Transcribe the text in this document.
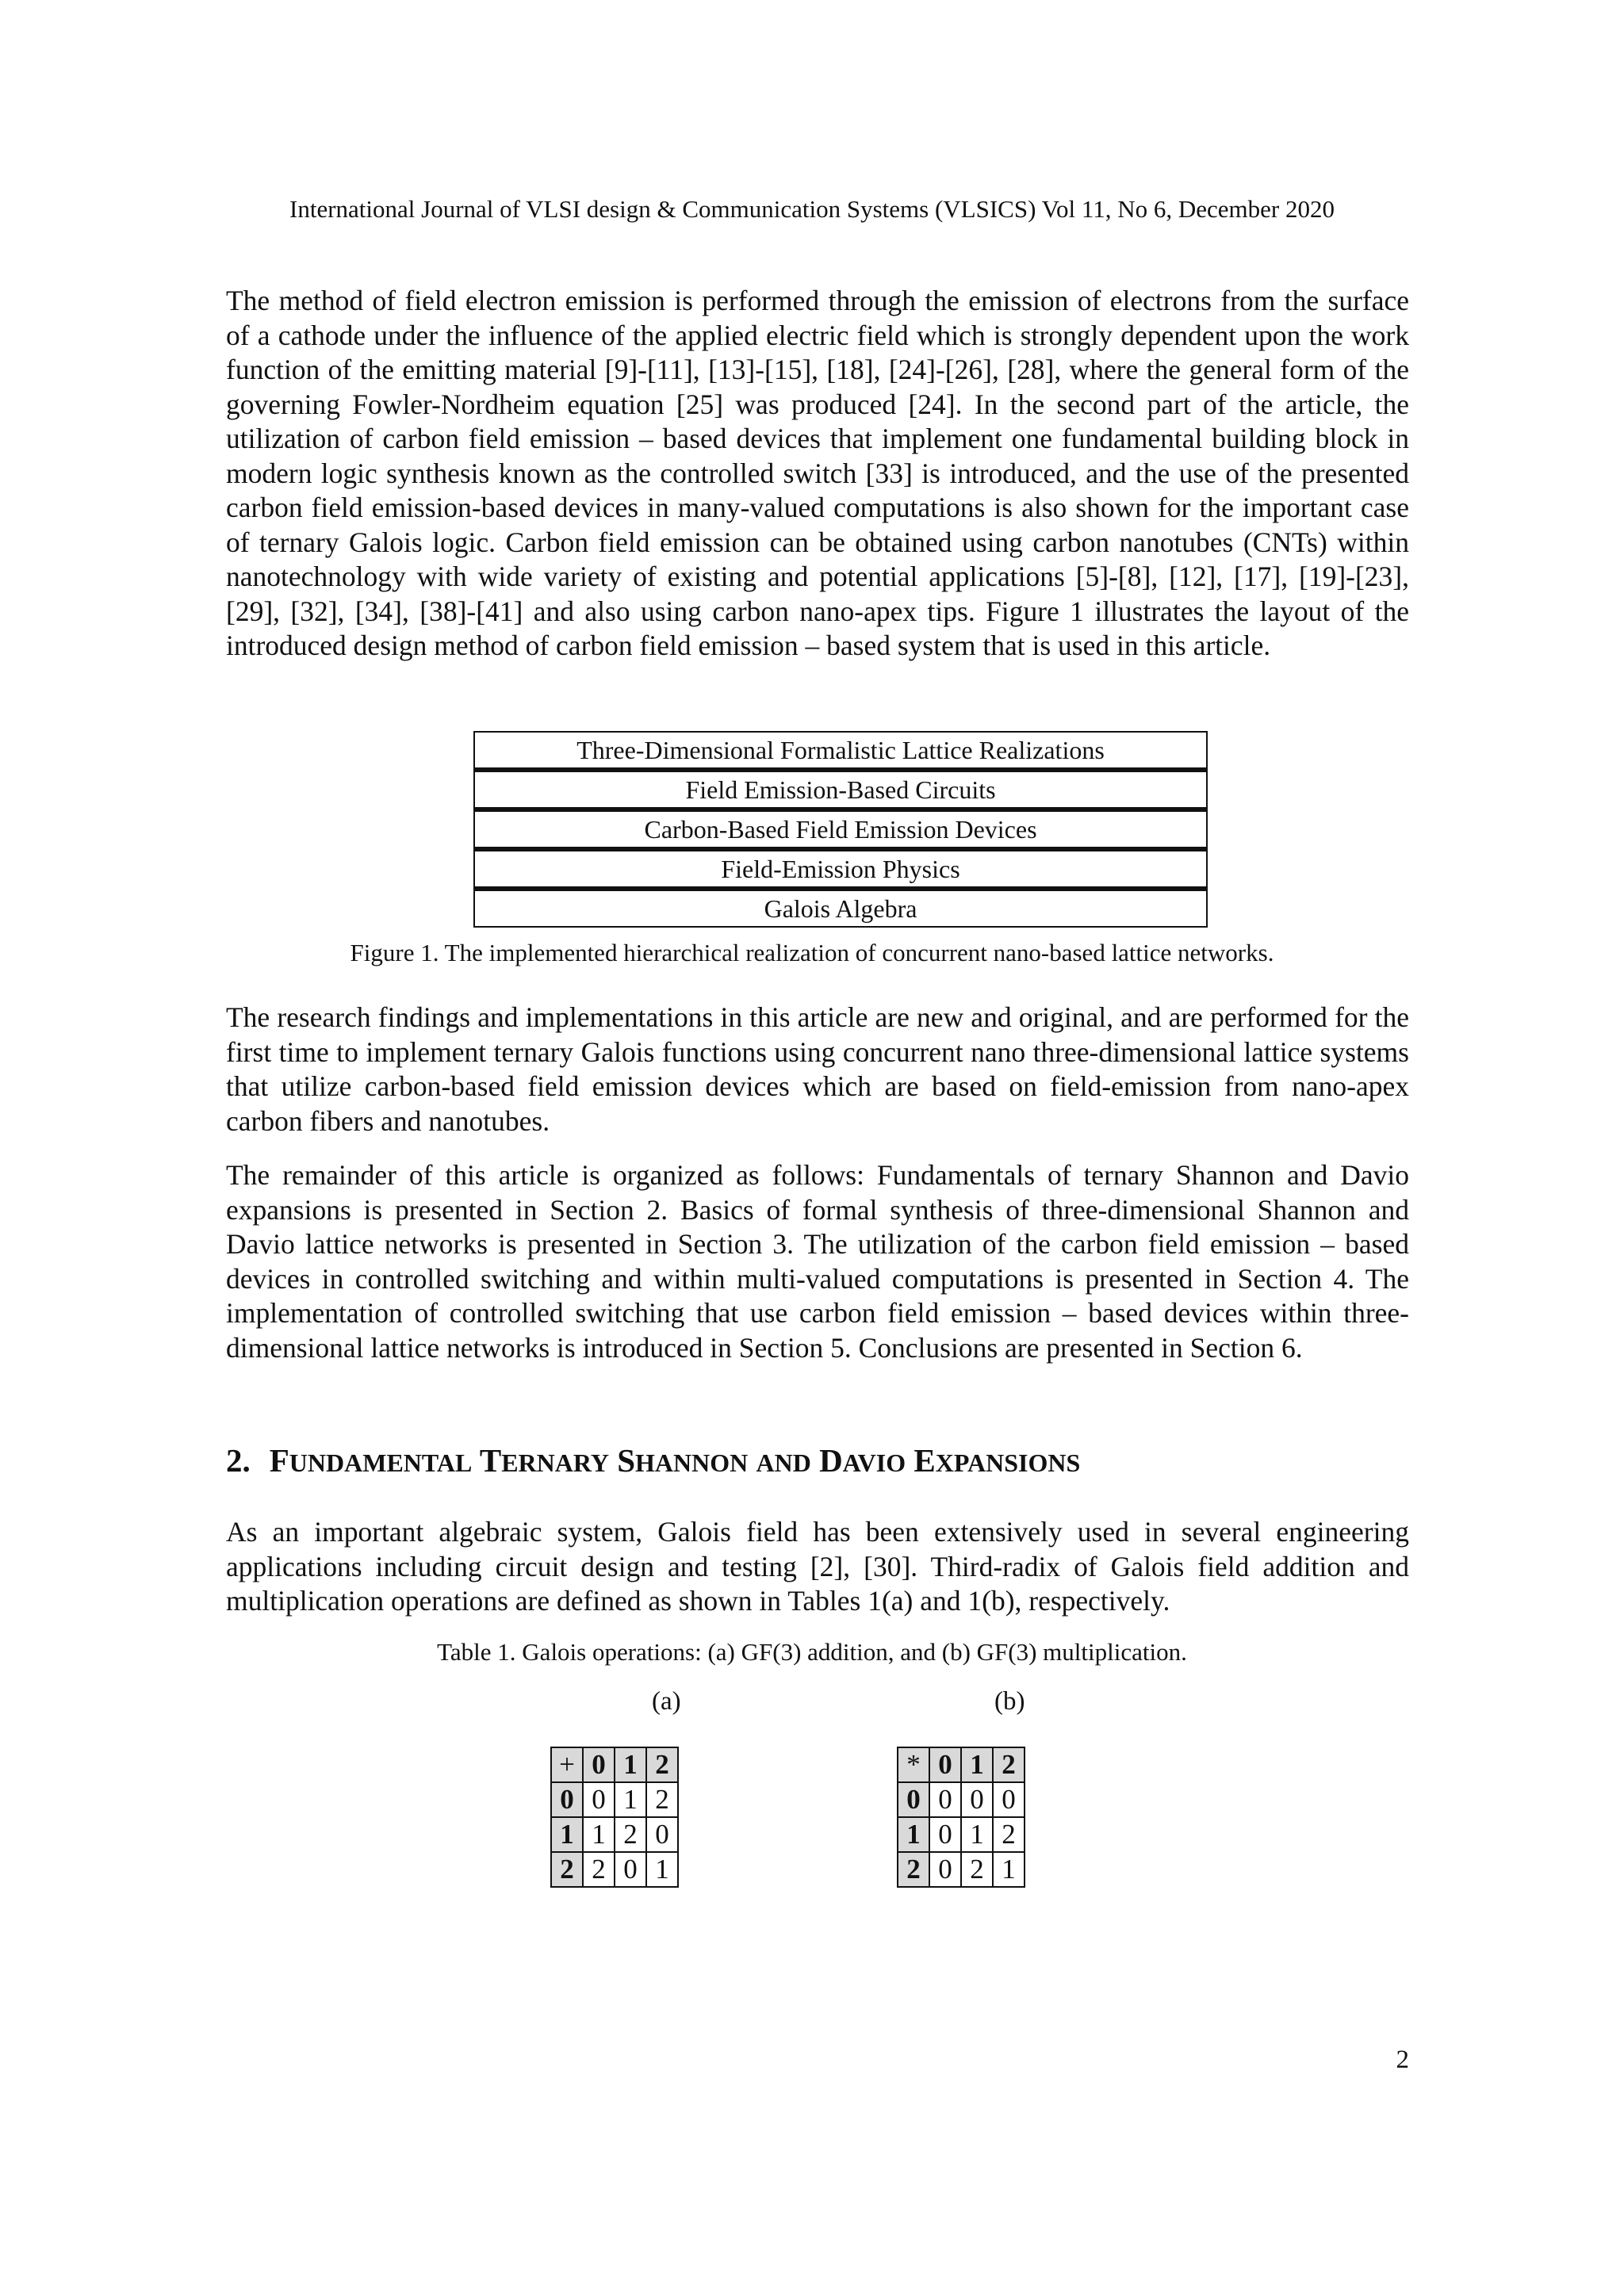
International Journal of VLSI design & Communication Systems (VLSICS) Vol 11, No 6, December 2020

The method of field electron emission is performed through the emission of electrons from the surface of a cathode under the influence of the applied electric field which is strongly dependent upon the work function of the emitting material [9]-[11], [13]-[15], [18], [24]-[26], [28], where the general form of the governing Fowler-Nordheim equation [25] was produced [24]. In the second part of the article, the utilization of carbon field emission – based devices that implement one fundamental building block in modern logic synthesis known as the controlled switch [33] is introduced, and the use of the presented carbon field emission-based devices in many-valued computations is also shown for the important case of ternary Galois logic. Carbon field emission can be obtained using carbon nanotubes (CNTs) within nanotechnology with wide variety of existing and potential applications [5]-[8], [12], [17], [19]-[23], [29], [32], [34], [38]-[41] and also using carbon nano-apex tips. Figure 1 illustrates the layout of the introduced design method of carbon field emission – based system that is used in this article.

Three-Dimensional Formalistic Lattice Realizations
Field Emission-Based Circuits
Carbon-Based Field Emission Devices
Field-Emission Physics
Galois Algebra
Figure 1. The implemented hierarchical realization of concurrent nano-based lattice networks.

The research findings and implementations in this article are new and original, and are performed for the first time to implement ternary Galois functions using concurrent nano three-dimensional lattice systems that utilize carbon-based field emission devices which are based on field-emission from nano-apex carbon fibers and nanotubes.

The remainder of this article is organized as follows: Fundamentals of ternary Shannon and Davio expansions is presented in Section 2. Basics of formal synthesis of three-dimensional Shannon and Davio lattice networks is presented in Section 3. The utilization of the carbon field emission – based devices in controlled switching and within multi-valued computations is presented in Section 4. The implementation of controlled switching that use carbon field emission – based devices within three-dimensional lattice networks is introduced in Section 5. Conclusions are presented in Section 6.

2. FUNDAMENTAL TERNARY SHANNON AND DAVIO EXPANSIONS

As an important algebraic system, Galois field has been extensively used in several engineering applications including circuit design and testing [2], [30]. Third-radix of Galois field addition and multiplication operations are defined as shown in Tables 1(a) and 1(b), respectively.

Table 1. Galois operations: (a) GF(3) addition, and (b) GF(3) multiplication.
(a)	(b)
+	0	1	2
0	0	1	2
1	1	2	0
2	2	0	1
*	0	1	2
0	0	0	0
1	0	1	2
2	0	2	1
2
